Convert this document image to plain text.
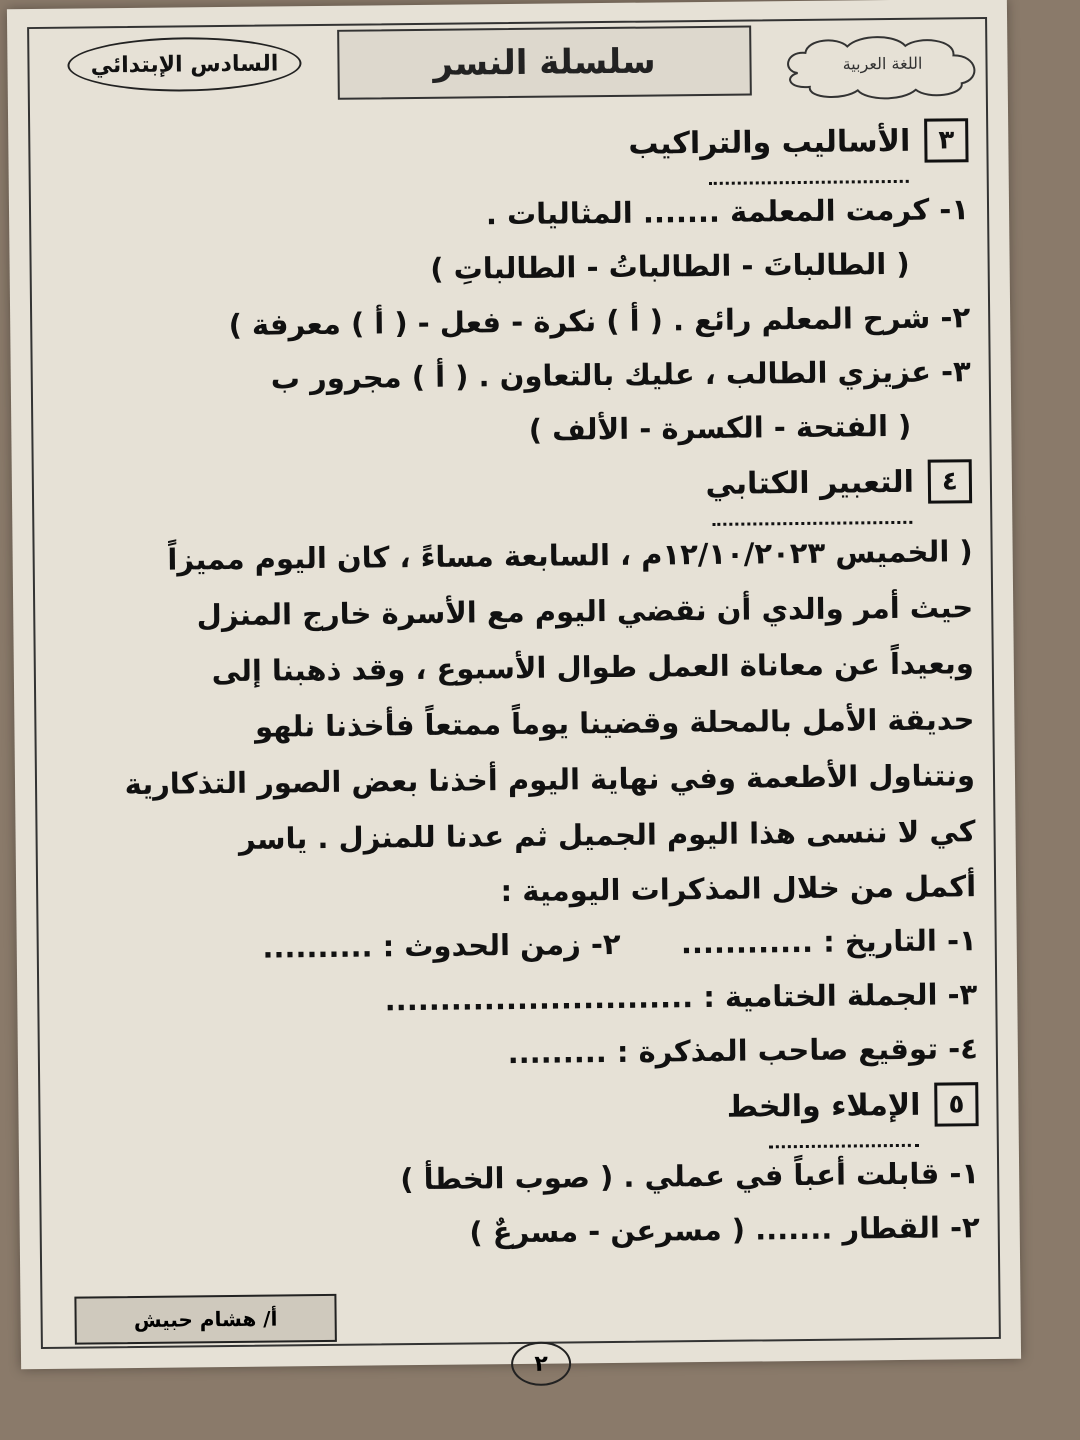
السادس الإبتدائي	سلسلة النسر	اللغة العربية
٣
الأساليب والتراكيب
١- كرمت المعلمة ....... المثاليات .
( الطالباتَ - الطالباتُ - الطالباتِ )
٢- شرح المعلم رائع . ( أ ) نكرة - فعل - ( أ ) معرفة )
٣- عزيزي الطالب ، عليك بالتعاون . ( أ ) مجرور ب
( الفتحة - الكسرة - الألف )
٤
التعبير الكتابي
( الخميس ١٢/١٠/٢٠٢٣م ، السابعة مساءً ، كان اليوم مميزاً
حيث أمر والدي أن نقضي اليوم مع الأسرة خارج المنزل
وبعيداً عن معاناة العمل طوال الأسبوع ، وقد ذهبنا إلى
حديقة الأمل بالمحلة وقضينا يوماً ممتعاً فأخذنا نلهو
ونتناول الأطعمة وفي نهاية اليوم أخذنا بعض الصور التذكارية
كي لا ننسى هذا اليوم الجميل ثم عدنا للمنزل . ياسر
أكمل من خلال المذكرات اليومية :
١- التاريخ : ............  ٢- زمن الحدوث : ..........
٣- الجملة الختامية : ............................
٤- توقيع صاحب المذكرة : .........
٥
الإملاء والخط
١- قابلت أعباً في عملي . ( صوب الخطأ )
٢- القطار ....... ( مسرعن - مسرعٌ )
أ/ هشام حبيش
٢
